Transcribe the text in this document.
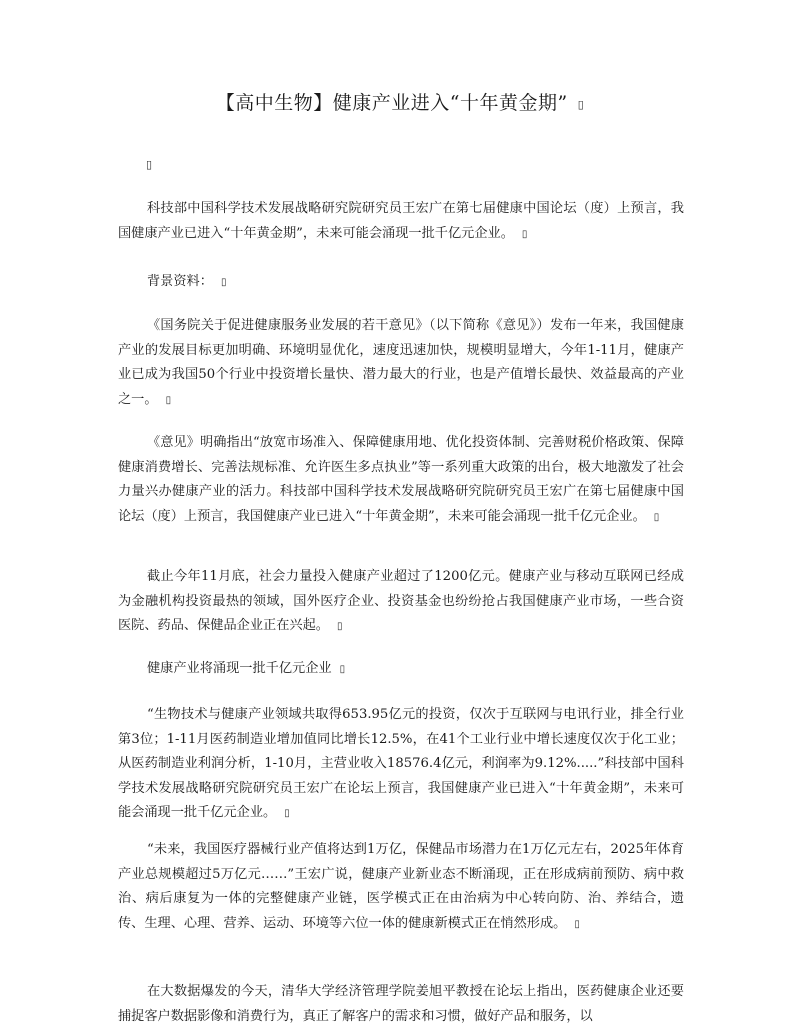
【高中生物】健康产业进入“十年黄金期” ▯
▯

科技部中国科学技术发展战略研究院研究员王宏广在第七届健康中国论坛（度）上预言，我国健康产业已进入“十年黄金期”，未来可能会涌现一批千亿元企业。 ▯

背景资料： ▯

《国务院关于促进健康服务业发展的若干意见》（以下简称《意见》）发布一年来，我国健康产业的发展目标更加明确、环境明显优化，速度迅速加快，规模明显增大，今年1-11月，健康产业已成为我国50个行业中投资增长量快、潜力最大的行业，也是产值增长最快、效益最高的产业之一。 ▯

《意见》明确指出“放宽市场准入、保障健康用地、优化投资体制、完善财税价格政策、保障健康消费增长、完善法规标准、允许医生多点执业”等一系列重大政策的出台，极大地激发了社会力量兴办健康产业的活力。科技部中国科学技术发展战略研究院研究员王宏广在第七届健康中国论坛（度）上预言，我国健康产业已进入“十年黄金期”，未来可能会涌现一批千亿元企业。 ▯

截止今年11月底，社会力量投入健康产业超过了1200亿元。健康产业与移动互联网已经成为金融机构投资最热的领域，国外医疗企业、投资基金也纷纷抢占我国健康产业市场，一些合资医院、药品、保健品企业正在兴起。 ▯

健康产业将涌现一批千亿元企业 ▯

“生物技术与健康产业领域共取得653.95亿元的投资，仅次于互联网与电讯行业，排全行业第3位；1-11月医药制造业增加值同比增长12.5%，在41个工业行业中增长速度仅次于化工业；从医药制造业利润分析，1-10月，主营业收入18576.4亿元，利润率为9.12%.....”科技部中国科学技术发展战略研究院研究员王宏广在论坛上预言，我国健康产业已进入“十年黄金期”，未来可能会涌现一批千亿元企业。 ▯

“未来，我国医疗器械行业产值将达到1万亿，保健品市场潜力在1万亿元左右，2025年体育产业总规模超过5万亿元……”王宏广说，健康产业新业态不断涌现，正在形成病前预防、病中救治、病后康复为一体的完整健康产业链，医学模式正在由治病为中心转向防、治、养结合，遗传、生理、心理、营养、运动、环境等六位一体的健康新模式正在悄然形成。 ▯

在大数据爆发的今天，清华大学经济管理学院姜旭平教授在论坛上指出，医药健康企业还要捕捉客户数据影像和消费行为，真正了解客户的需求和习惯，做好产品和服务，以
